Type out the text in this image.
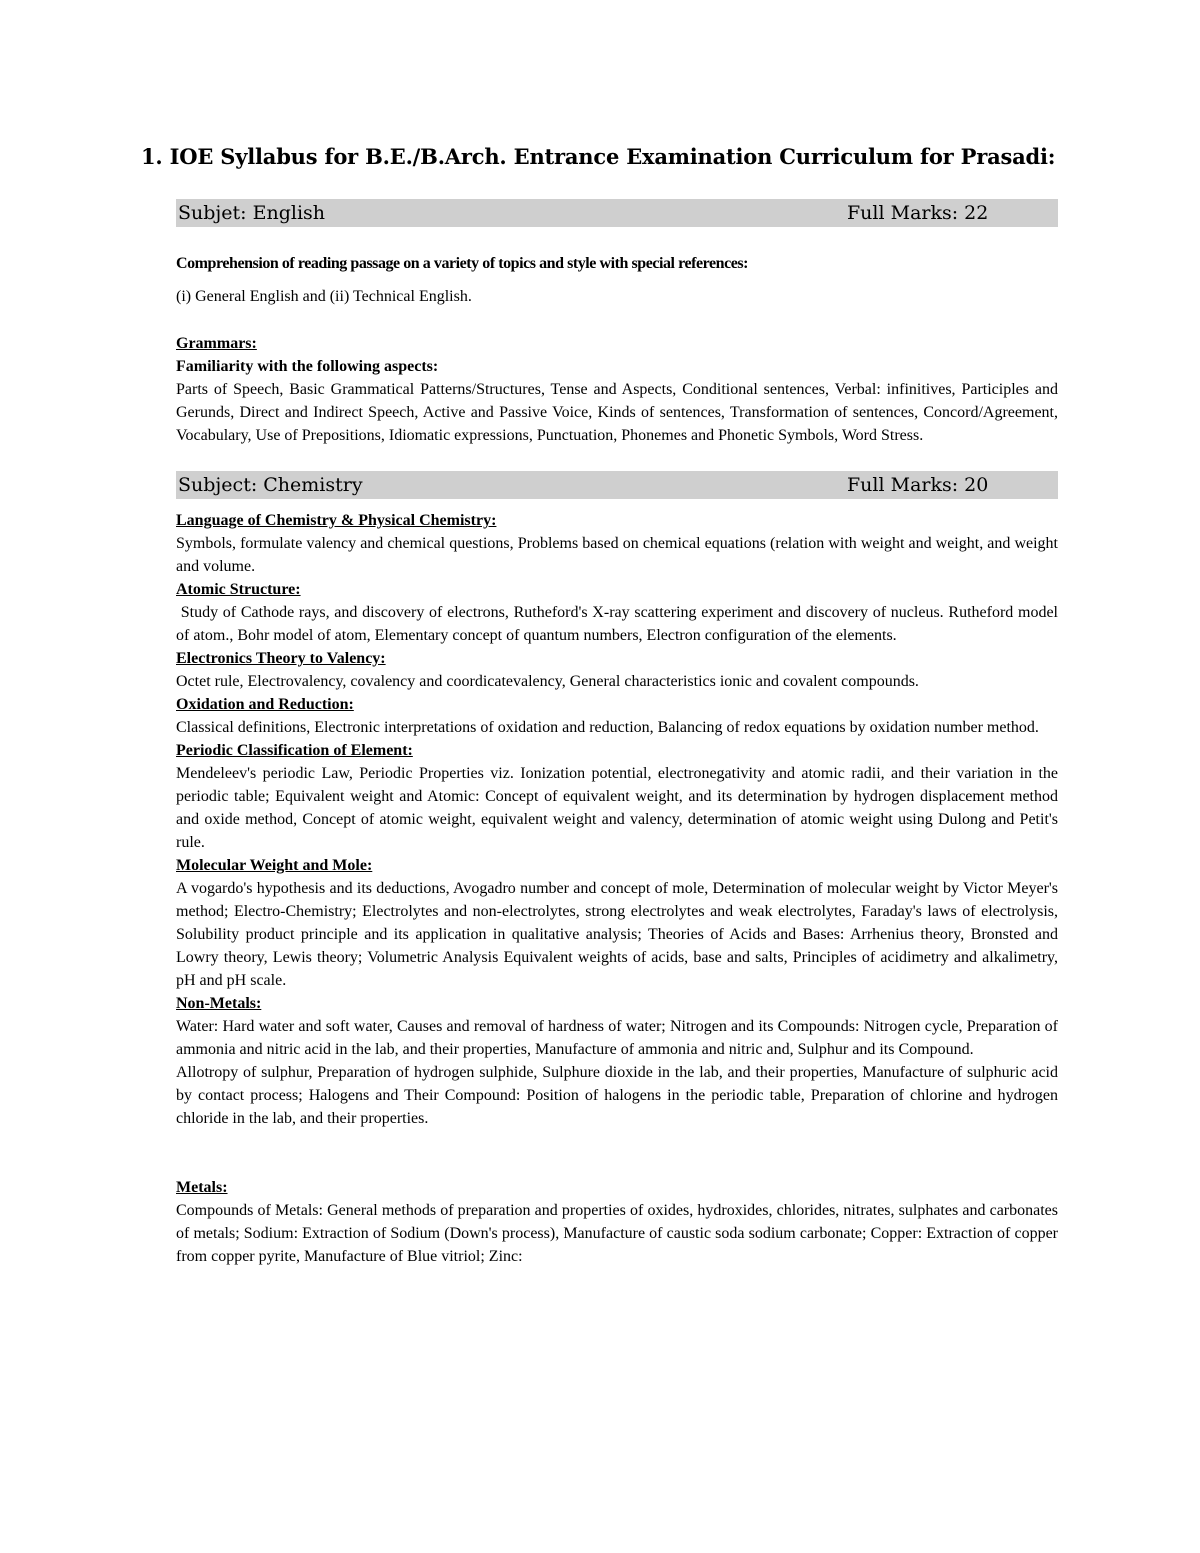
1. IOE Syllabus for B.E./B.Arch. Entrance Examination Curriculum for Prasadi:
Subjet: English	Full Marks: 22

Comprehension of reading passage on a variety of topics and style with special references:

(i) General English and (ii) Technical English.

Grammars:

Familiarity with the following aspects:

Parts of Speech, Basic Grammatical Patterns/Structures, Tense and Aspects, Conditional sentences, Verbal: infinitives, Participles and Gerunds, Direct and Indirect Speech, Active and Passive Voice, Kinds of sentences, Transformation of sentences, Concord/Agreement, Vocabulary, Use of Prepositions, Idiomatic expressions, Punctuation, Phonemes and Phonetic Symbols, Word Stress.

Subject: Chemistry	Full Marks: 20

Language of Chemistry & Physical Chemistry:

Symbols, formulate valency and chemical questions, Problems based on chemical equations (relation with weight and weight, and weight and volume.

Atomic Structure:

Study of Cathode rays, and discovery of electrons, Rutheford's X-ray scattering experiment and discovery of nucleus. Rutheford model of atom., Bohr model of atom, Elementary concept of quantum numbers, Electron configuration of the elements.

Electronics Theory to Valency:

Octet rule, Electrovalency, covalency and coordicatevalency, General characteristics ionic and covalent compounds.

Oxidation and Reduction:

Classical definitions, Electronic interpretations of oxidation and reduction, Balancing of redox equations by oxidation number method.

Periodic Classification of Element:

Mendeleev's periodic Law, Periodic Properties viz. Ionization potential, electronegativity and atomic radii, and their variation in the periodic table; Equivalent weight and Atomic: Concept of equivalent weight, and its determination by hydrogen displacement method and oxide method, Concept of atomic weight, equivalent weight and valency, determination of atomic weight using Dulong and Petit's rule.

Molecular Weight and Mole:

A vogardo's hypothesis and its deductions, Avogadro number and concept of mole, Determination of molecular weight by Victor Meyer's method; Electro-Chemistry; Electrolytes and non-electrolytes, strong electrolytes and weak electrolytes, Faraday's laws of electrolysis, Solubility product principle and its application in qualitative analysis; Theories of Acids and Bases: Arrhenius theory, Bronsted and Lowry theory, Lewis theory; Volumetric Analysis Equivalent weights of acids, base and salts, Principles of acidimetry and alkalimetry, pH and pH scale.

Non-Metals:

Water: Hard water and soft water, Causes and removal of hardness of water; Nitrogen and its Compounds: Nitrogen cycle, Preparation of ammonia and nitric acid in the lab, and their properties, Manufacture of ammonia and nitric and, Sulphur and its Compound.

Allotropy of sulphur, Preparation of hydrogen sulphide, Sulphure dioxide in the lab, and their properties, Manufacture of sulphuric acid by contact process; Halogens and Their Compound: Position of halogens in the periodic table, Preparation of chlorine and hydrogen chloride in the lab, and their properties.

Metals:

Compounds of Metals: General methods of preparation and properties of oxides, hydroxides, chlorides, nitrates, sulphates and carbonates of metals; Sodium: Extraction of Sodium (Down's process), Manufacture of caustic soda sodium carbonate; Copper: Extraction of copper from copper pyrite, Manufacture of Blue vitriol; Zinc:
